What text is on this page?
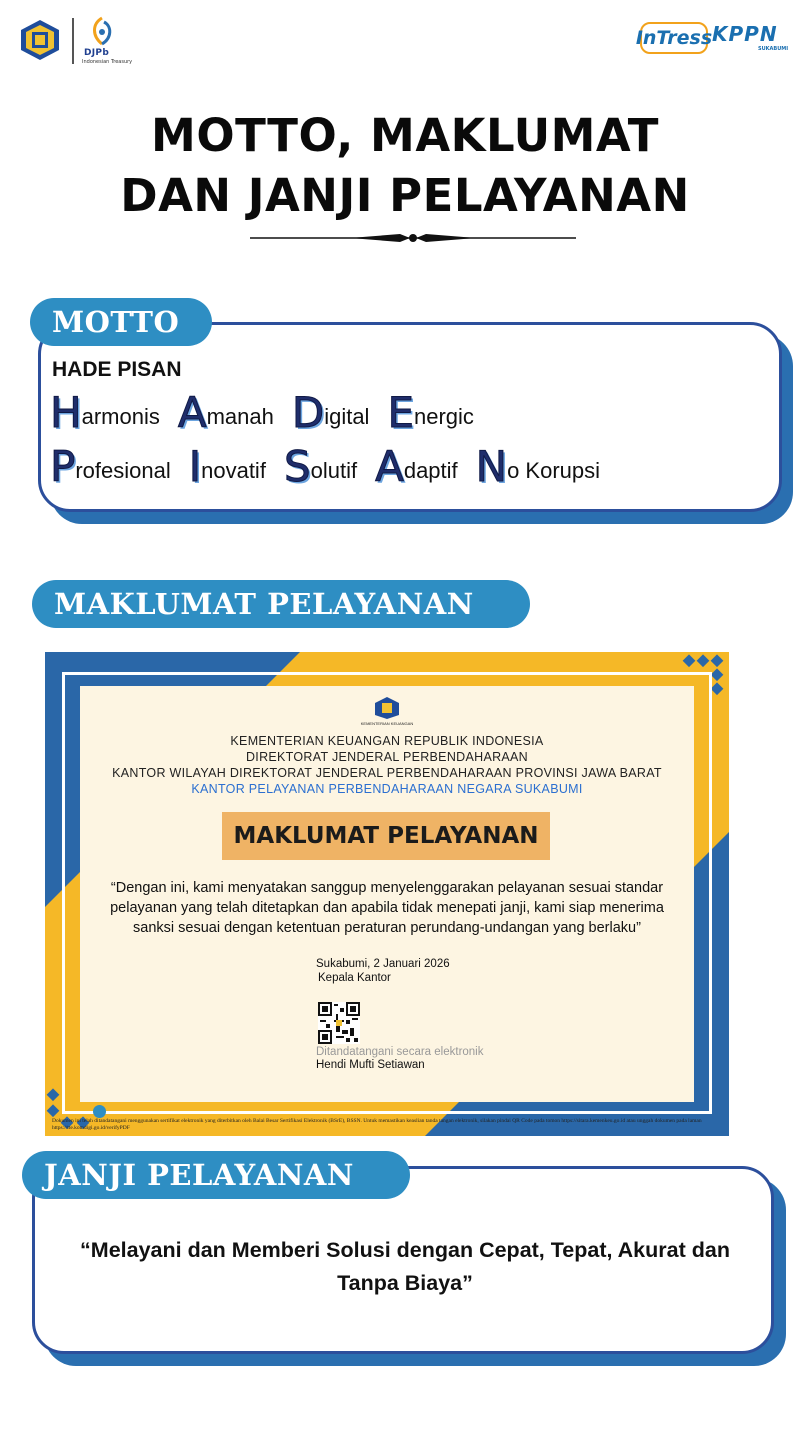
DJPb
Indonesian Treasury
InTress KPPN
SUKABUMI
MOTTO, MAKLUMAT
DAN JANJI PELAYANAN
MOTTO
HADE PISAN
H armonis A manah D igital E nergic
P rofesional I novatif S olutif A daptif N o Korupsi
MAKLUMAT PELAYANAN
KEMENTERIAN KEUANGAN
KEMENTERIAN KEUANGAN REPUBLIK INDONESIA
DIREKTORAT JENDERAL PERBENDAHARAAN
KANTOR WILAYAH DIREKTORAT JENDERAL PERBENDAHARAAN PROVINSI JAWA BARAT
KANTOR PELAYANAN PERBENDAHARAAN NEGARA SUKABUMI
MAKLUMAT PELAYANAN
“Dengan ini, kami menyatakan sanggup menyelenggarakan pelayanan sesuai standar pelayanan yang telah ditetapkan dan apabila tidak menepati janji, kami siap menerima sanksi sesuai dengan ketentuan peraturan perundang-undangan yang berlaku”
Sukabumi, 2 Januari 2026
Kepala Kantor
Ditandatangani secara elektronik
Hendi Mufti Setiawan
Dokumen ini telah ditandatangani menggunakan sertifikat elektronik yang diterbitkan oleh Balai Besar Sertifikasi Elektronik (BSrE), BSSN. Untuk memastikan keaslian tanda tangan elektronik, silakan pindai QR Code pada tomon https://sitara.kemenkeu.go.id atau unggah dokumen pada laman https://tte.komdigi.go.id/verifyPDF
JANJI PELAYANAN
“Melayani dan Memberi Solusi dengan Cepat, Tepat, Akurat dan Tanpa Biaya”
